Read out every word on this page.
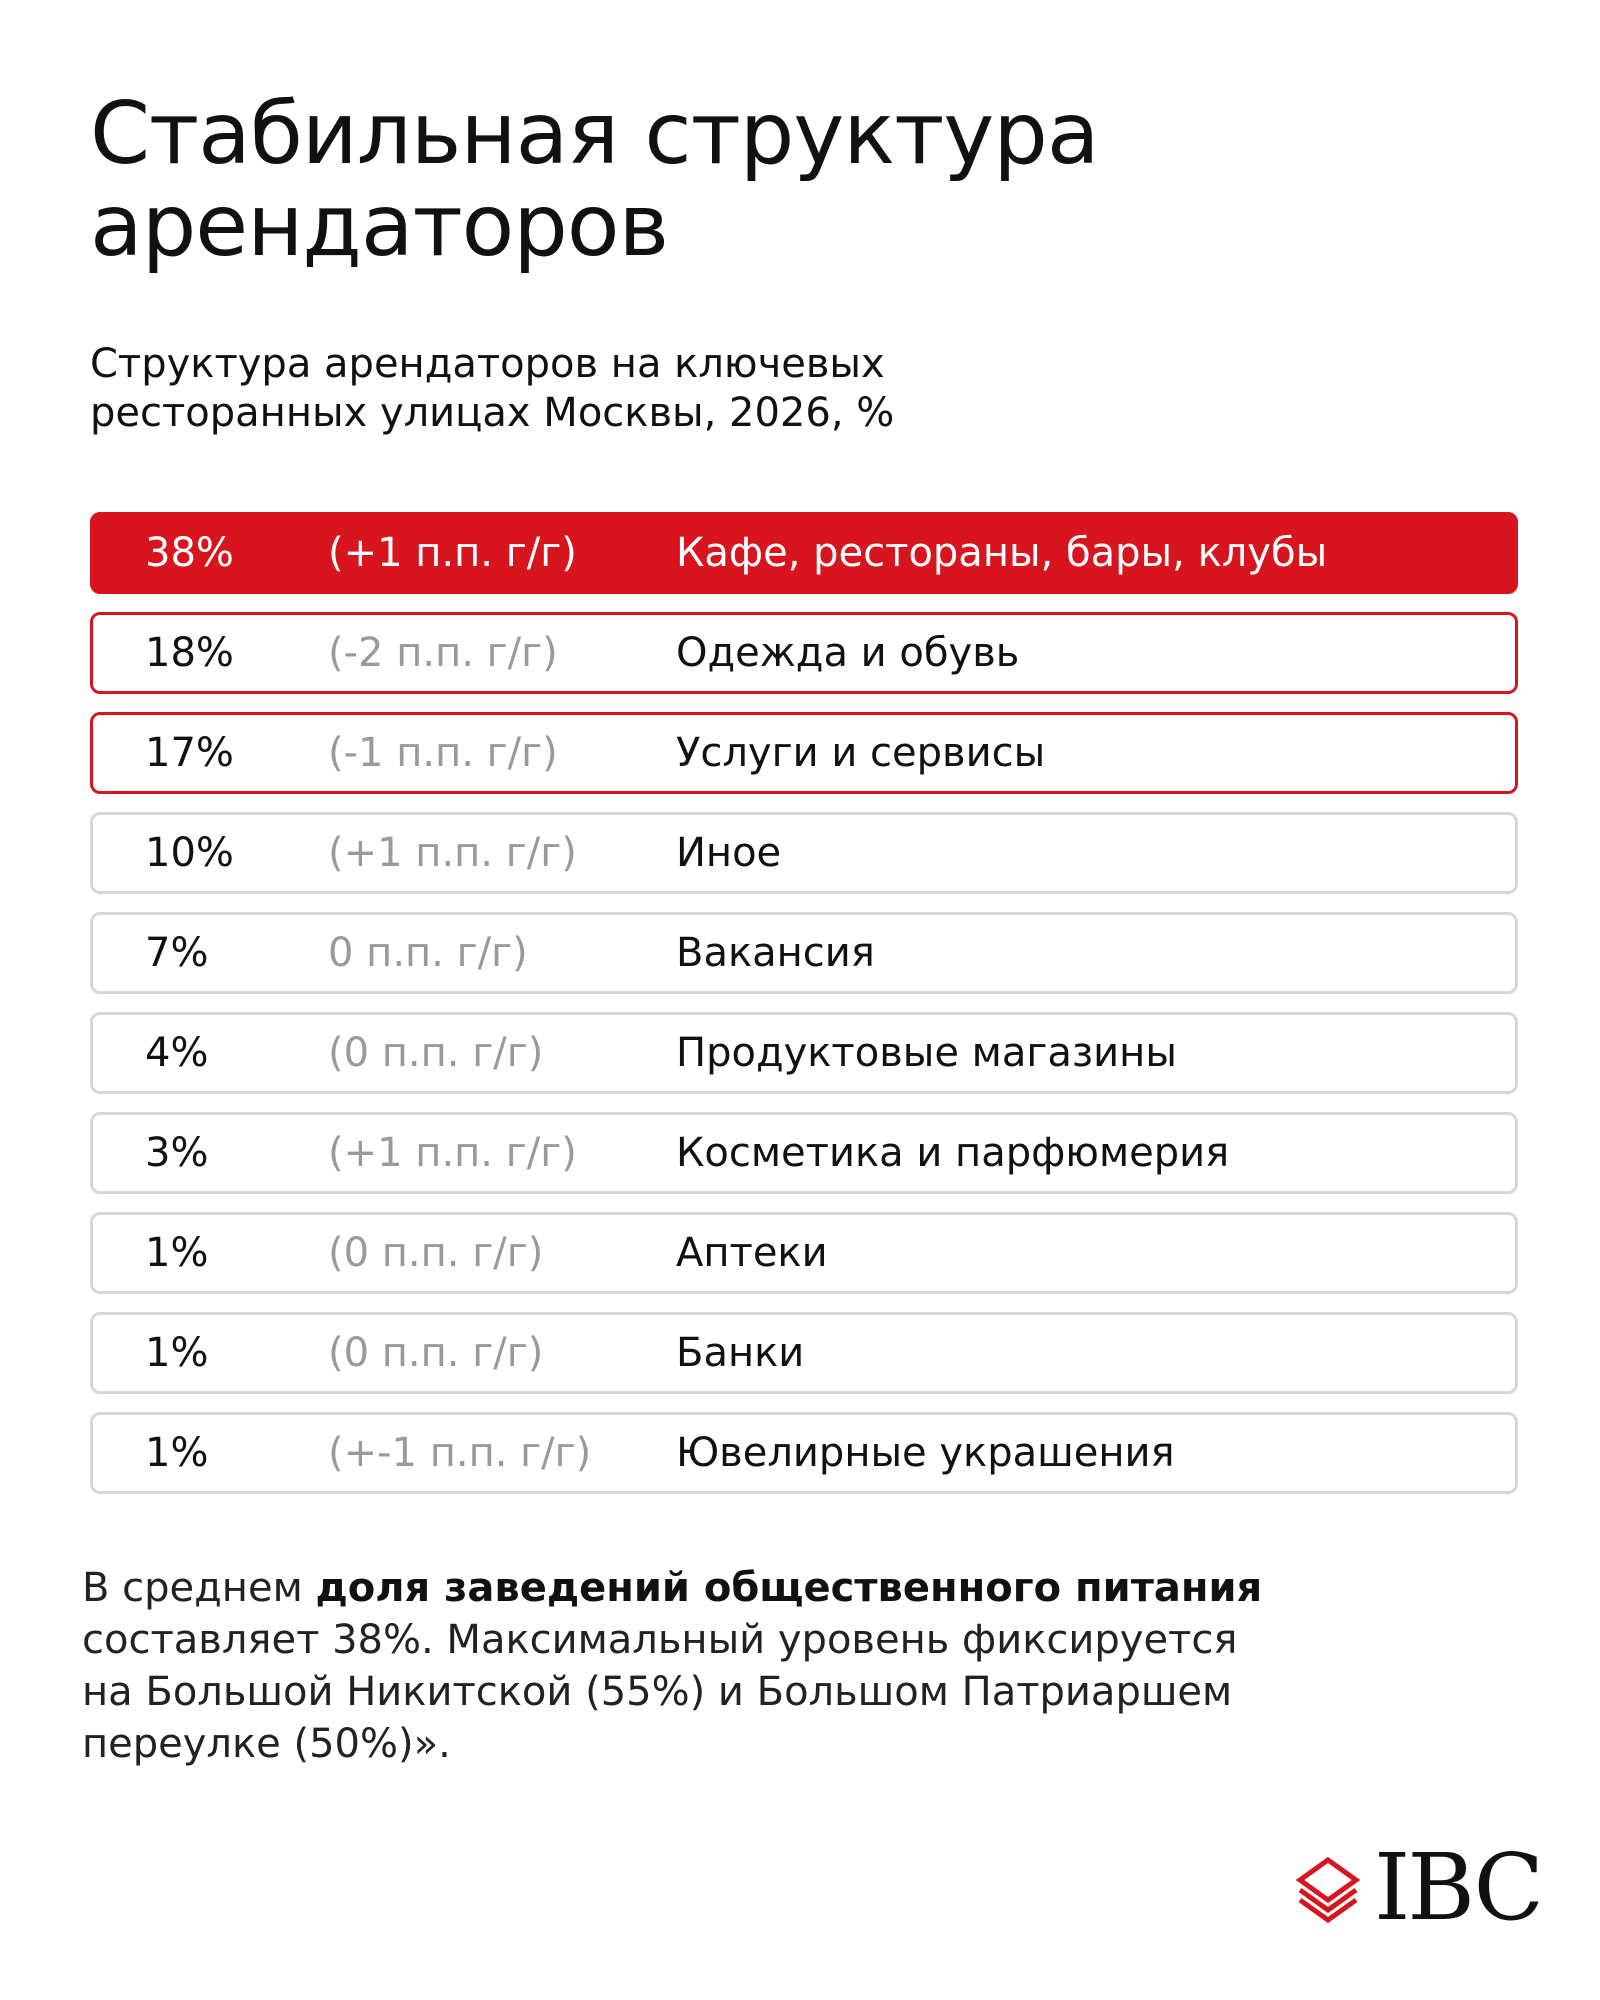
Стабильная структура
арендаторов

Структура арендаторов на ключевых
ресторанных улицах Москвы, 2026, %

38%	(+1 п.п. г/г)	Кафе, рестораны, бары, клубы
18%	(-2 п.п. г/г)	Одежда и обувь
17%	(-1 п.п. г/г)	Услуги и сервисы
10%	(+1 п.п. г/г)	Иное
7%	0 п.п. г/г)	Вакансия
4%	(0 п.п. г/г)	Продуктовые магазины
3%	(+1 п.п. г/г)	Косметика и парфюмерия
1%	(0 п.п. г/г)	Аптеки
1%	(0 п.п. г/г)	Банки
1%	(+-1 п.п. г/г)	Ювелирные украшения

В среднем доля заведений общественного питания
составляет 38%. Максимальный уровень фиксируется
на Большой Никитской (55%) и Большом Патриаршем
переулке (50%)».

IBC
